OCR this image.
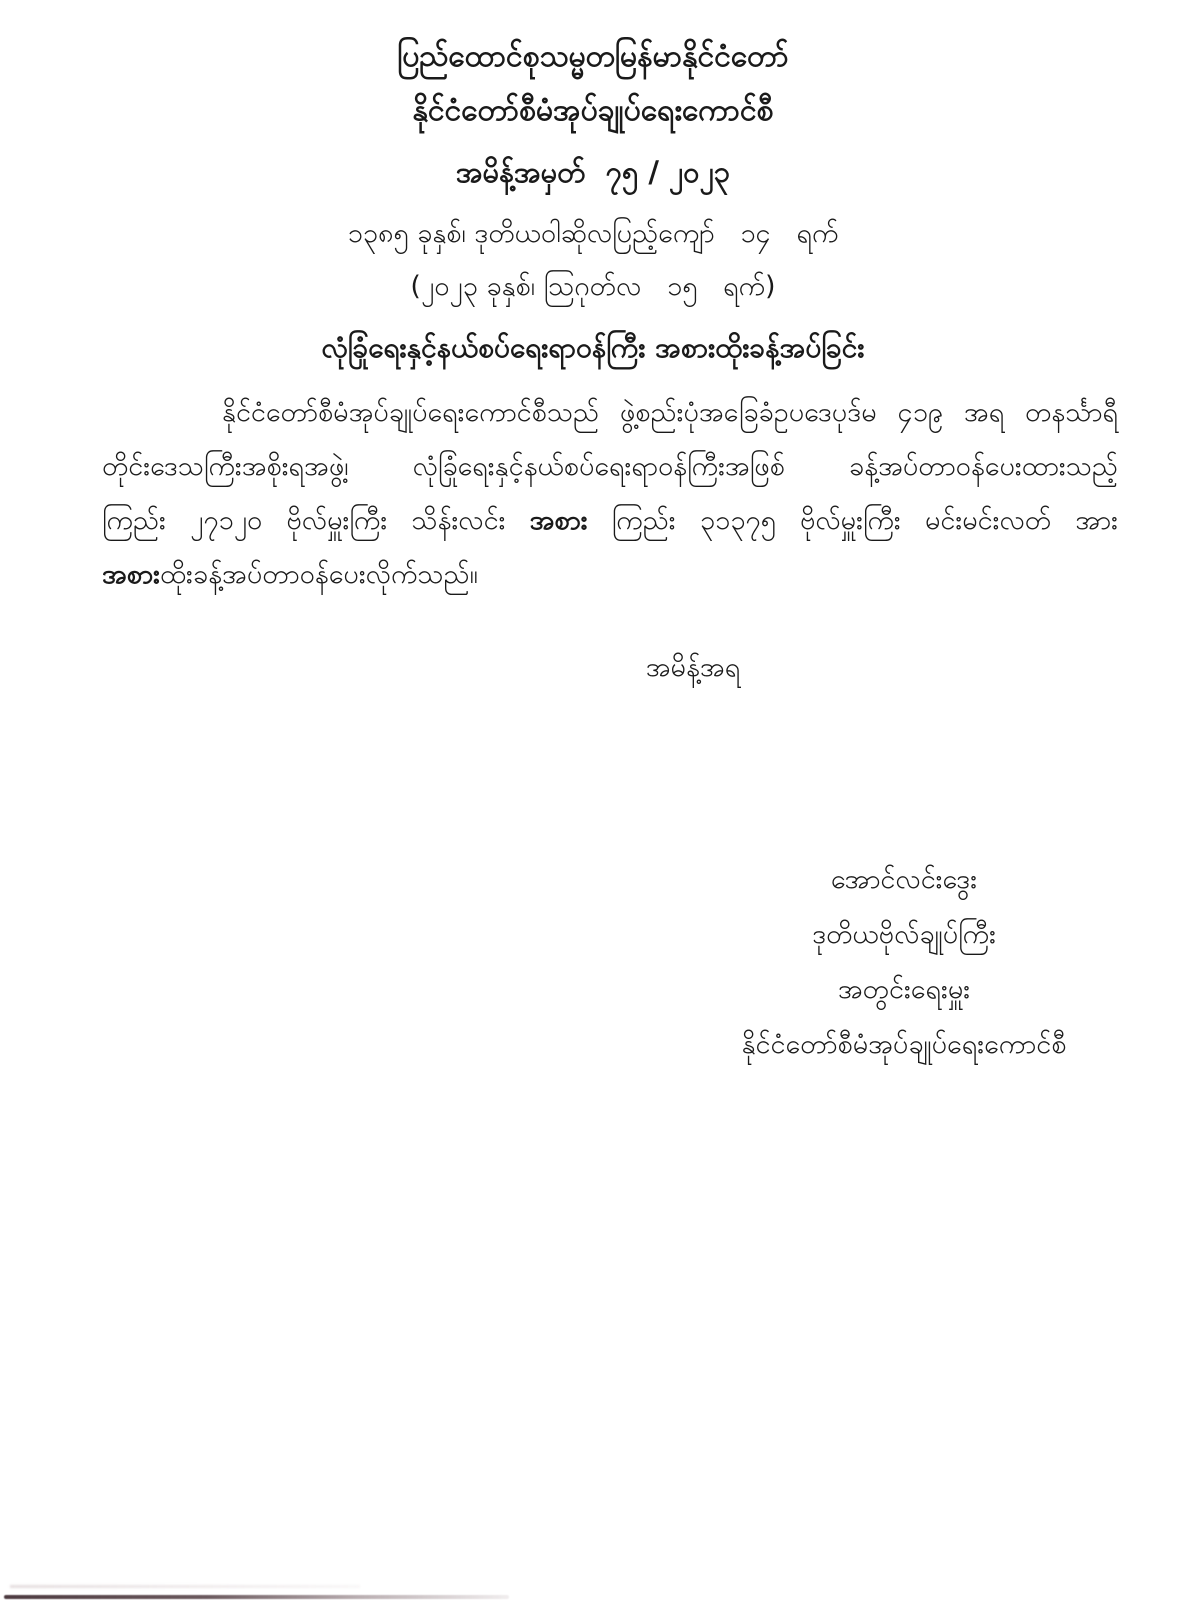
ပြည်ထောင်စုသမ္မတမြန်မာနိုင်ငံတော်
နိုင်ငံတော်စီမံအုပ်ချုပ်ရေးကောင်စီ
အမိန့်အမှတ်  ၇၅ / ၂၀၂၃
၁၃၈၅ ခုနှစ်၊ ဒုတိယဝါဆိုလပြည့်ကျော်   ၁၄   ရက်
(၂၀၂၃ ခုနှစ်၊ ဩဂုတ်လ   ၁၅   ရက်)
လုံခြုံရေးနှင့်နယ်စပ်ရေးရာဝန်ကြီး အစားထိုးခန့်အပ်ခြင်း
နိုင်ငံတော်စီမံအုပ်ချုပ်ရေးကောင်စီသည် ဖွဲ့စည်းပုံအခြေခံဥပဒေပုဒ်မ ၄၁၉ အရ တနင်္သာရီ
တိုင်းဒေသကြီးအစိုးရအဖွဲ့၊ လုံခြုံရေးနှင့်နယ်စပ်ရေးရာဝန်ကြီးအဖြစ် ခန့်အပ်တာဝန်ပေးထားသည့်
ကြည်း ၂၇၁၂၀ ဗိုလ်မှူးကြီး သိန်းလင်း အစား ကြည်း ၃၁၃၇၅ ဗိုလ်မှူးကြီး မင်းမင်းလတ် အား
အစားထိုးခန့်အပ်တာဝန်ပေးလိုက်သည်။
အမိန့်အရ
အောင်လင်းဒွေး
ဒုတိယဗိုလ်ချုပ်ကြီး
အတွင်းရေးမှူး
နိုင်ငံတော်စီမံအုပ်ချုပ်ရေးကောင်စီ
